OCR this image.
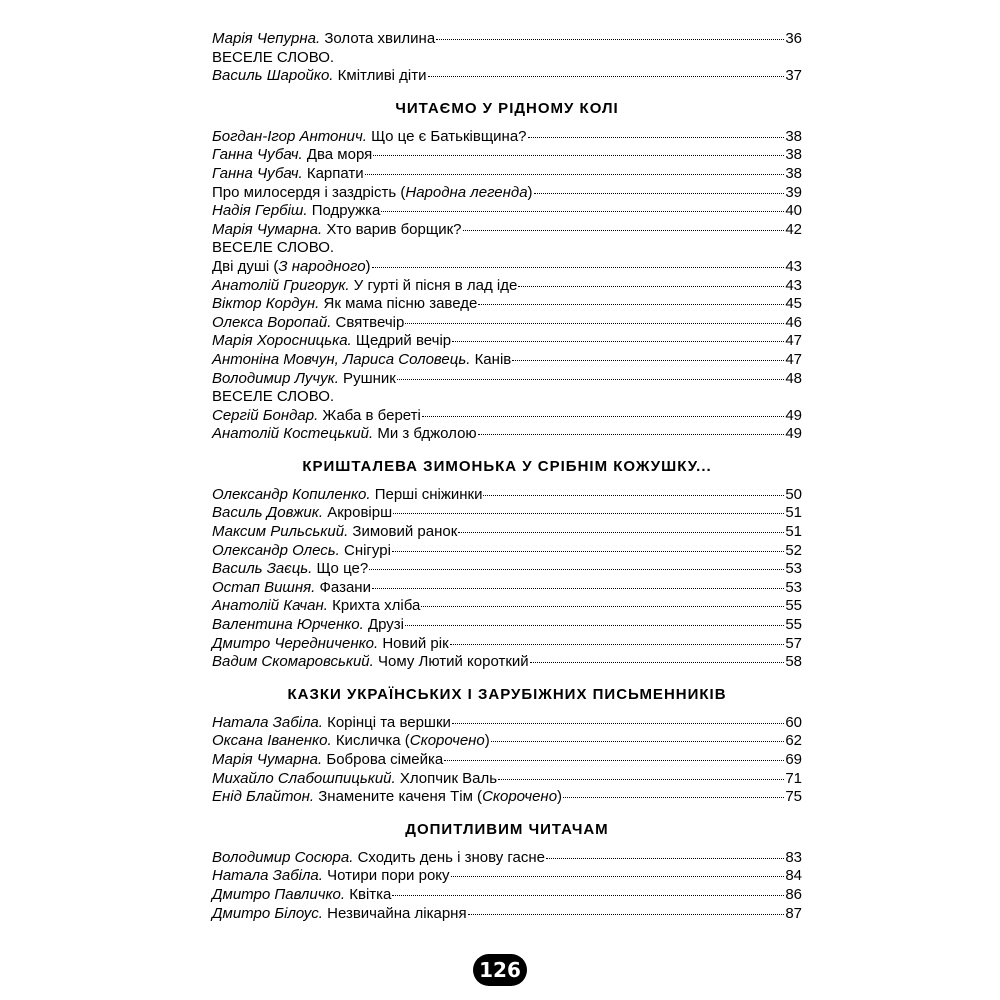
Марія Чепурна. Золота хвилина	36
ВЕСЕЛЕ СЛОВО.
Василь Шаройко. Кмітливі діти	37
ЧИТАЄМО У РІДНОМУ КОЛІ
Богдан-Ігор Антонич. Що це є Батьківщина?	38
Ганна Чубач. Два моря	38
Ганна Чубач. Карпати	38
Про милосердя і заздрість (Народна легенда)	39
Надія Гербіш. Подружка	40
Марія Чумарна. Хто варив борщик?	42
ВЕСЕЛЕ СЛОВО.
Дві душі (З народного)	43
Анатолій Григорук. У гурті й пісня в лад іде	43
Віктор Кордун. Як мама пісню заведе	45
Олекса Воропай. Святвечір	46
Марія Хоросницька. Щедрий вечір	47
Антоніна Мовчун, Лариса Соловець. Канів	47
Володимир Лучук. Рушник	48
ВЕСЕЛЕ СЛОВО.
Сергій Бондар. Жаба в береті	49
Анатолій Костецький. Ми з бджолою	49
КРИШТАЛЕВА ЗИМОНЬКА У СРІБНІМ КОЖУШКУ...
Олександр Копиленко. Перші сніжинки	50
Василь Довжик. Акровірш	51
Максим Рильський. Зимовий ранок	51
Олександр Олесь. Снігурі	52
Василь Заєць. Що це?	53
Остап Вишня. Фазани	53
Анатолій Качан. Крихта хліба	55
Валентина Юрченко. Друзі	55
Дмитро Чередниченко. Новий рік	57
Вадим Скомаровський. Чому Лютий короткий	58
КАЗКИ УКРАЇНСЬКИХ І ЗАРУБІЖНИХ ПИСЬМЕННИКІВ
Натала Забіла. Корінці та вершки	60
Оксана Іваненко. Кисличка (Скорочено)	62
Марія Чумарна. Боброва сімейка	69
Михайло Слабошпицький. Хлопчик Валь	71
Енід Блайтон. Знамените каченя Тім (Скорочено)	75
ДОПИТЛИВИМ ЧИТАЧАМ
Володимир Сосюра. Сходить день і знову гасне	83
Натала Забіла. Чотири пори року	84
Дмитро Павличко. Квітка	86
Дмитро Білоус. Незвичайна лікарня	87
126
